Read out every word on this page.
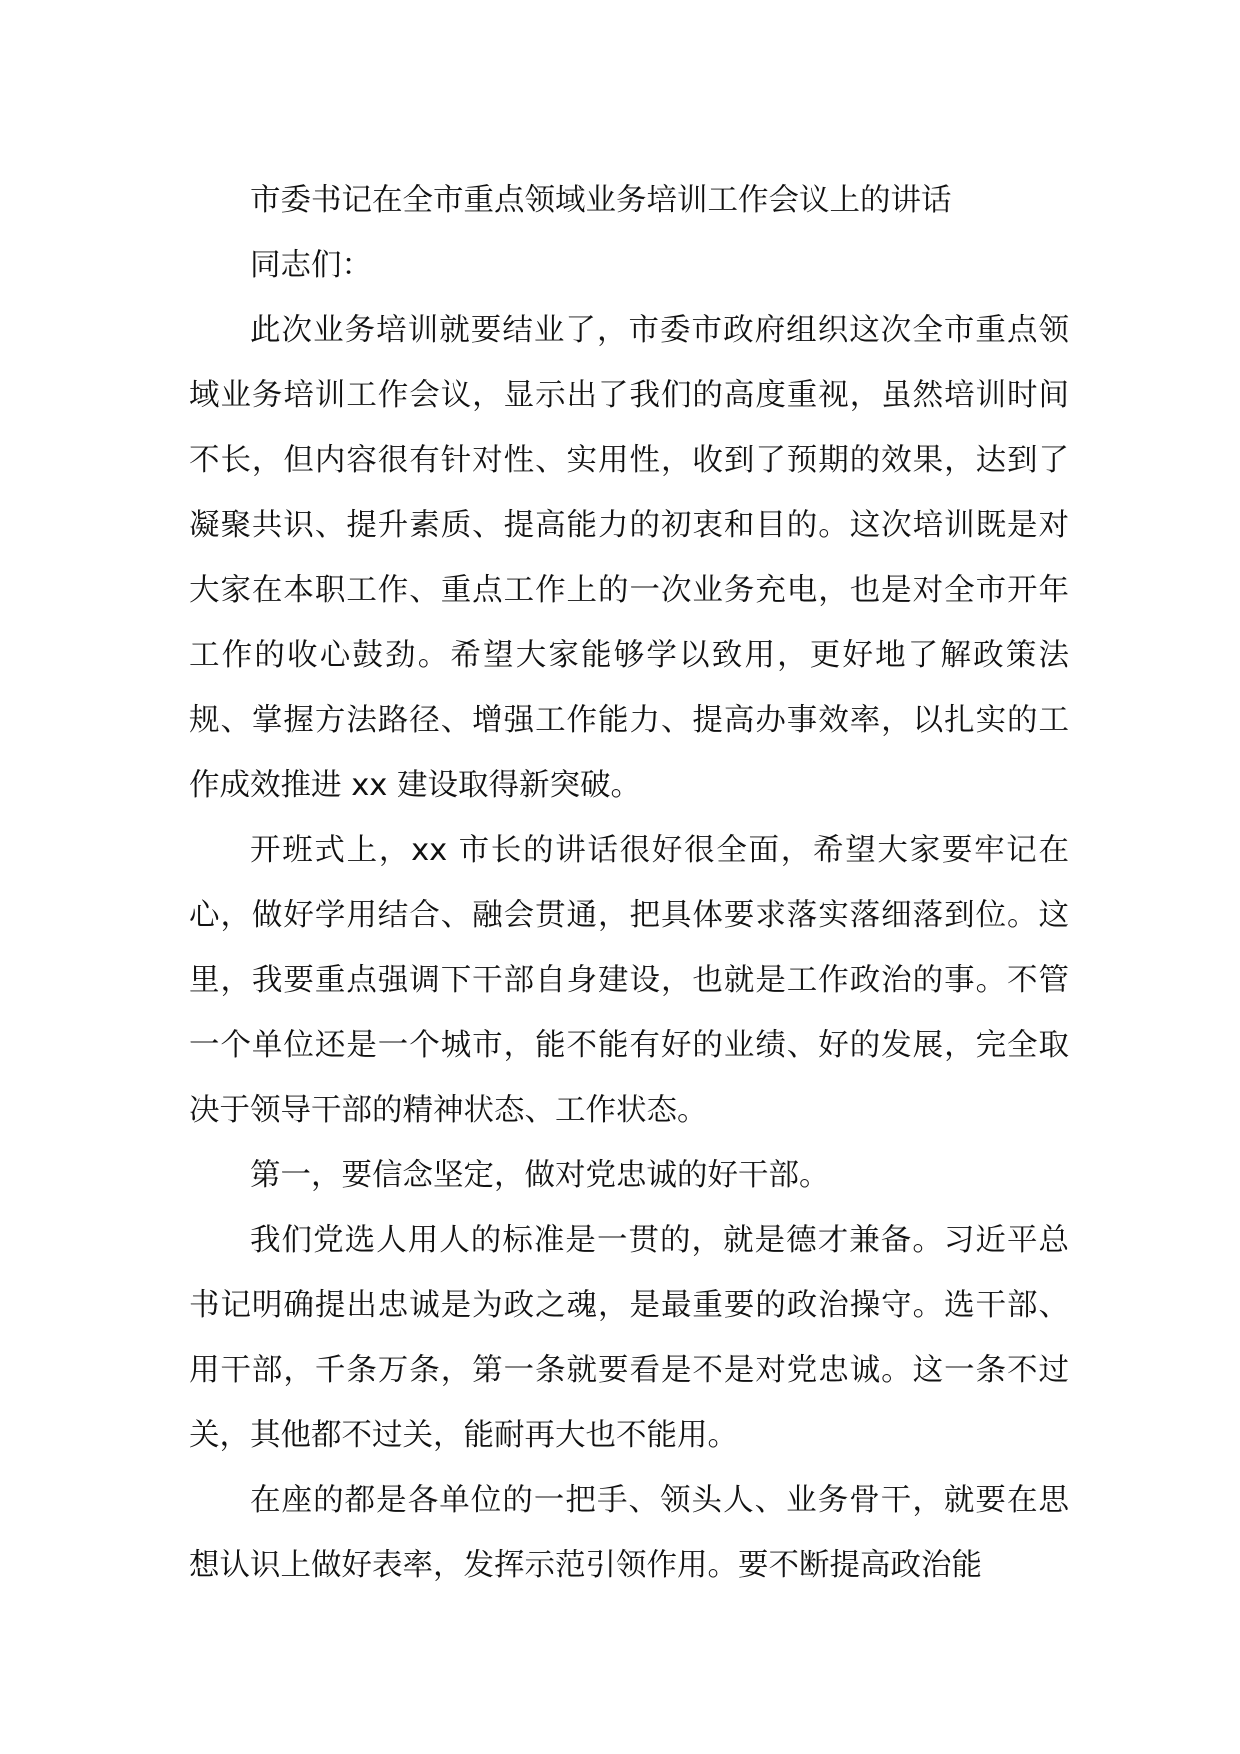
市委书记在全市重点领域业务培训工作会议上的讲话

同志们：

此次业务培训就要结业了，市委市政府组织这次全市重点领域业务培训工作会议，显示出了我们的高度重视，虽然培训时间不长，但内容很有针对性、实用性，收到了预期的效果，达到了凝聚共识、提升素质、提高能力的初衷和目的。这次培训既是对大家在本职工作、重点工作上的一次业务充电，也是对全市开年工作的收心鼓劲。希望大家能够学以致用，更好地了解政策法规、掌握方法路径、增强工作能力、提高办事效率，以扎实的工作成效推进 xx 建设取得新突破。

开班式上，xx 市长的讲话很好很全面，希望大家要牢记在心，做好学用结合、融会贯通，把具体要求落实落细落到位。这里，我要重点强调下干部自身建设，也就是工作政治的事。不管一个单位还是一个城市，能不能有好的业绩、好的发展，完全取决于领导干部的精神状态、工作状态。

第一，要信念坚定，做对党忠诚的好干部。

我们党选人用人的标准是一贯的，就是德才兼备。习近平总书记明确提出忠诚是为政之魂，是最重要的政治操守。选干部、用干部，千条万条，第一条就要看是不是对党忠诚。这一条不过关，其他都不过关，能耐再大也不能用。

在座的都是各单位的一把手、领头人、业务骨干，就要在思想认识上做好表率，发挥示范引领作用。要不断提高政治能
